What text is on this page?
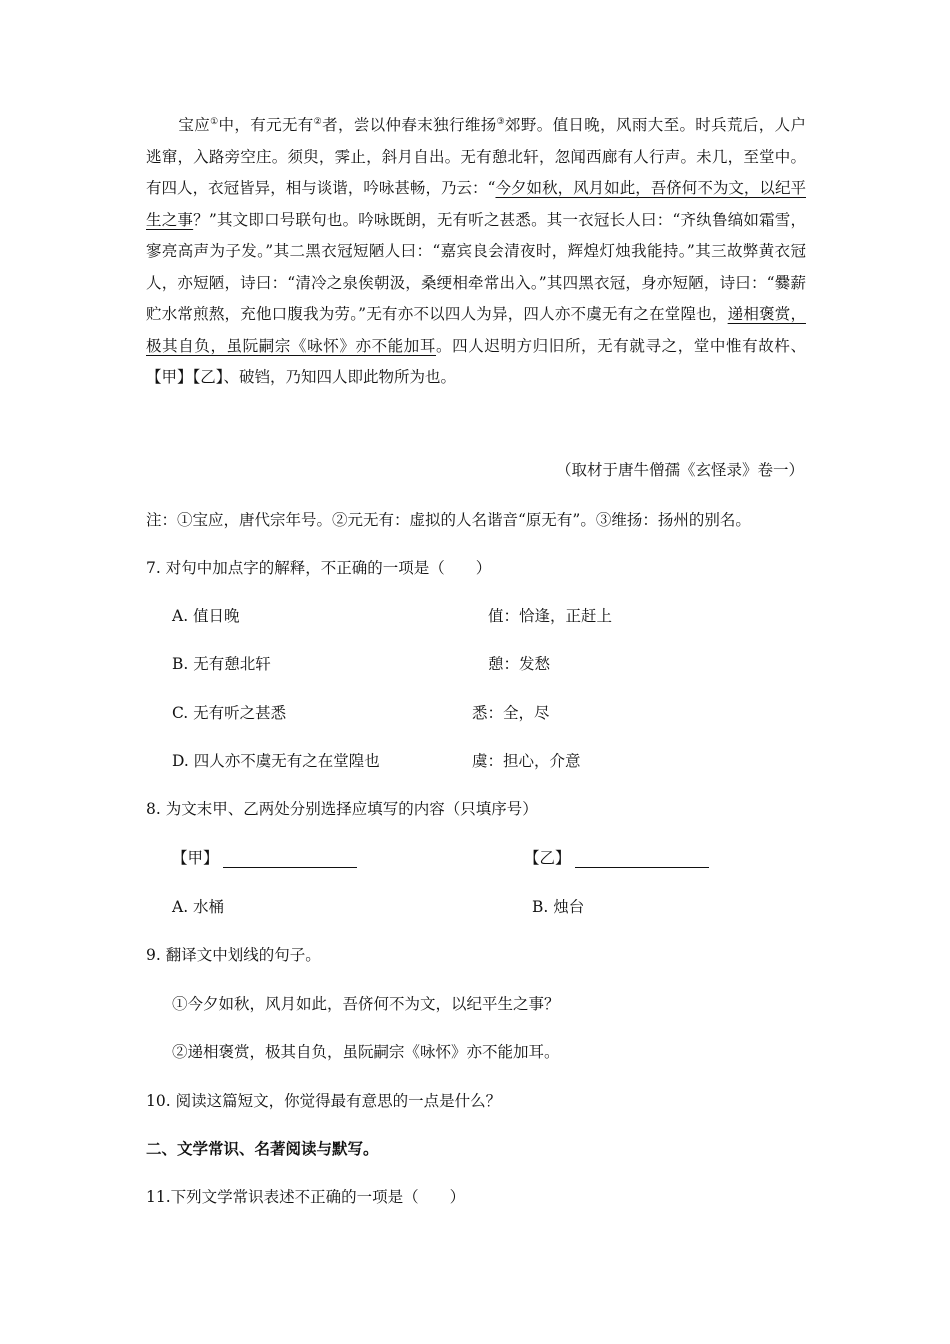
宝应①中，有元无有②者，尝以仲春末独行维扬③郊野。值日晚，风雨大至。时兵荒后，人户逃窜，入路旁空庄。须臾，霁止，斜月自出。无有憩北轩，忽闻西廊有人行声。未几，至堂中。有四人，衣冠皆异，相与谈谐，吟咏甚畅，乃云：“今夕如秋，风月如此，吾侪何不为文，以纪平生之事？”其文即口号联句也。吟咏既朗，无有听之甚悉。其一衣冠长人曰：“齐纨鲁缟如霜雪，寥亮高声为子发。”其二黑衣冠短陋人曰：“嘉宾良会清夜时，辉煌灯烛我能持。”其三故弊黄衣冠人，亦短陋，诗曰：“清冷之泉俟朝汲，桑绠相牵常出入。”其四黑衣冠，身亦短陋，诗曰：“爨薪贮水常煎熬，充他口腹我为劳。”无有亦不以四人为异，四人亦不虞无有之在堂隍也，递相褒赏，极其自负，虽阮嗣宗《咏怀》亦不能加耳。四人迟明方归旧所，无有就寻之，堂中惟有故杵、【甲】【乙】、破铛，乃知四人即此物所为也。

（取材于唐牛僧孺《玄怪录》卷一）
注：①宝应，唐代宗年号。②元无有：虚拟的人名谐音“原无有”。③维扬：扬州的别名。
7. 对句中加点字的解释，不正确的一项是（　　）
A. 值日晚	值：恰逢，正赶上
B. 无有憩北轩	憩：发愁
C. 无有听之甚悉	悉：全，尽
D. 四人亦不虞无有之在堂隍也	虞：担心，介意
8. 为文末甲、乙两处分别选择应填写的内容（只填序号）
【甲】	【乙】
A. 水桶	B. 烛台
9. 翻译文中划线的句子。
①今夕如秋，风月如此，吾侪何不为文，以纪平生之事？
②递相褒赏，极其自负，虽阮嗣宗《咏怀》亦不能加耳。
10. 阅读这篇短文，你觉得最有意思的一点是什么？
二、文学常识、名著阅读与默写。
11.下列文学常识表述不正确的一项是（　　）
